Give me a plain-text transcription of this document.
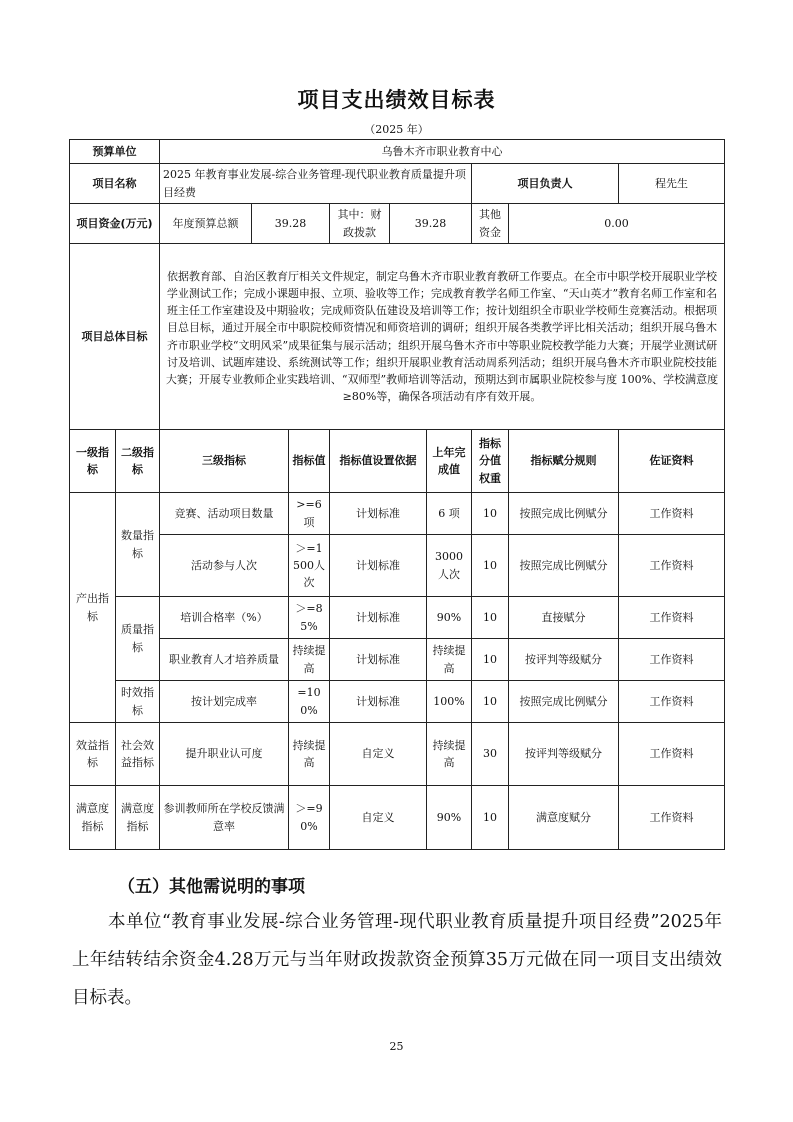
项目支出绩效目标表
（2025 年）
预算单位		乌鲁木齐市职业教育中心								
项目名称		2025 年教育事业发展-综合业务管理-现代职业教育质量提升项目经费						项目负责人		程先生
项目资金(万元)		年度预算总额	39.28		其中：财政拨款	39.28		其他资金	0.00	
项目总体目标		依据教育部、自治区教育厅相关文件规定，制定乌鲁木齐市职业教育教研工作要点。在全市中职学校开展职业学校学业测试工作；完成小课题申报、立项、验收等工作；完成教育教学名师工作室、“天山英才”教育名师工作室和名班主任工作室建设及中期验收；完成师资队伍建设及培训等工作；按计划组织全市职业学校师生竞赛活动。根据项目总目标，通过开展全市中职院校师资情况和师资培训的调研；组织开展各类教学评比相关活动；组织开展乌鲁木齐市职业学校“文明风采”成果征集与展示活动；组织开展乌鲁木齐市中等职业院校教学能力大赛；开展学业测试研讨及培训、试题库建设、系统测试等工作；组织开展职业教育活动周系列活动；组织开展乌鲁木齐市职业院校技能大赛；开展专业教师企业实践培训、“双师型”教师培训等活动，预期达到市属职业院校参与度 100%、学校满意度≥80%等，确保各项活动有序有效开展。								
一级指标	二级指标	三级指标		指标值	指标值设置依据		上年完成值	指标分值权重	指标赋分规则	佐证资料
产出指标	数量指标	竞赛、活动项目数量		>=6项	计划标准		6 项	10	按照完成比例赋分	工作资料
		活动参与人次		＞=1500人次	计划标准		3000人次	10	按照完成比例赋分	工作资料
	质量指标	培训合格率（%）		＞=85%	计划标准		90%	10	直接赋分	工作资料
		职业教育人才培养质量		持续提高	计划标准		持续提高	10	按评判等级赋分	工作资料
	时效指标	按计划完成率		=100%	计划标准		100%	10	按照完成比例赋分	工作资料
效益指标	社会效益指标	提升职业认可度		持续提高	自定义		持续提高	30	按评判等级赋分	工作资料
满意度指标	满意度指标	参训教师所在学校反馈满意率		＞=90%	自定义		90%	10	满意度赋分	工作资料
（五）其他需说明的事项
本单位“教育事业发展-综合业务管理-现代职业教育质量提升项目经费”2025年上年结转结余资金4.28万元与当年财政拨款资金预算35万元做在同一项目支出绩效目标表。
25
